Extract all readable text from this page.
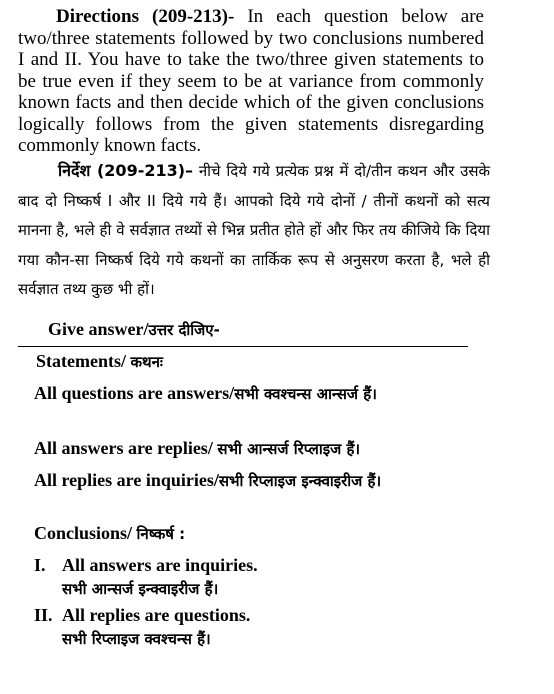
Directions (209-213)- In each question below are two/three statements followed by two conclusions numbered I and II. You have to take the two/three given statements to be true even if they seem to be at variance from commonly known facts and then decide which of the given conclusions logically follows from the given statements disregarding commonly known facts.
निर्देश (209-213)– नीचे दिये गये प्रत्येक प्रश्न में दो/तीन कथन और उसके बाद दो निष्कर्ष I और II दिये गये हैं। आपको दिये गये दोनों / तीनों कथनों को सत्य मानना है, भले ही वे सर्वज्ञात तथ्यों से भिन्न प्रतीत होते हों और फिर तय कीजिये कि दिया गया कौन-सा निष्कर्ष दिये गये कथनों का तार्किक रूप से अनुसरण करता है, भले ही सर्वज्ञात तथ्य कुछ भी हों।
Give answer/उत्तर दीजिए-
Statements/ कथनः
All questions are answers/सभी क्वश्चन्स आन्सर्ज हैं।
All answers are replies/ सभी आन्सर्ज रिप्लाइज हैं।
All replies are inquiries/सभी रिप्लाइज इन्क्वाइरीज हैं।
Conclusions/ निष्कर्ष :
I. All answers are inquiries.
सभी आन्सर्ज इन्क्वाइरीज हैं।
II. All replies are questions.
सभी रिप्लाइज क्वश्चन्स हैं।
